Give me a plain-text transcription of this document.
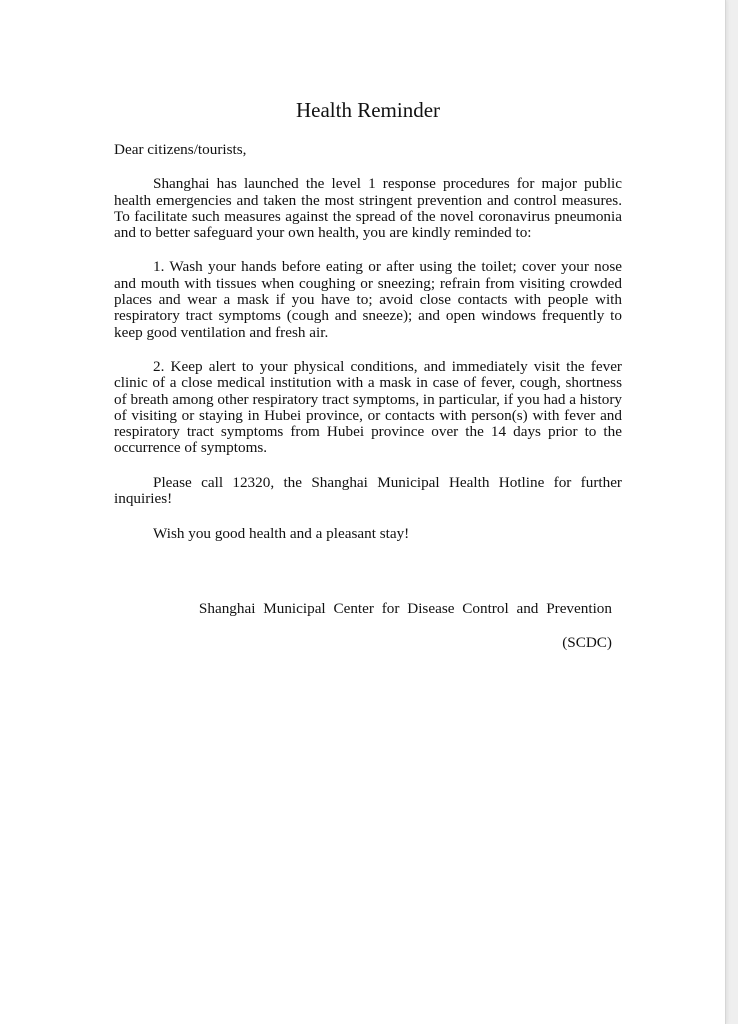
Health Reminder

Dear citizens/tourists,

Shanghai has launched the level 1 response procedures for major public health emergencies and taken the most stringent prevention and control measures. To facilitate such measures against the spread of the novel coronavirus pneumonia and to better safeguard your own health, you are kindly reminded to:

1. Wash your hands before eating or after using the toilet; cover your nose and mouth with tissues when coughing or sneezing; refrain from visiting crowded places and wear a mask if you have to; avoid close contacts with people with respiratory tract symptoms (cough and sneeze); and open windows frequently to keep good ventilation and fresh air.

2. Keep alert to your physical conditions, and immediately visit the fever clinic of a close medical institution with a mask in case of fever, cough, shortness of breath among other respiratory tract symptoms, in particular, if you had a history of visiting or staying in Hubei province, or contacts with person(s) with fever and respiratory tract symptoms from Hubei province over the 14 days prior to the occurrence of symptoms.

Please call 12320, the Shanghai Municipal Health Hotline for further inquiries!

Wish you good health and a pleasant stay!

Shanghai Municipal Center for Disease Control and Prevention

(SCDC)
